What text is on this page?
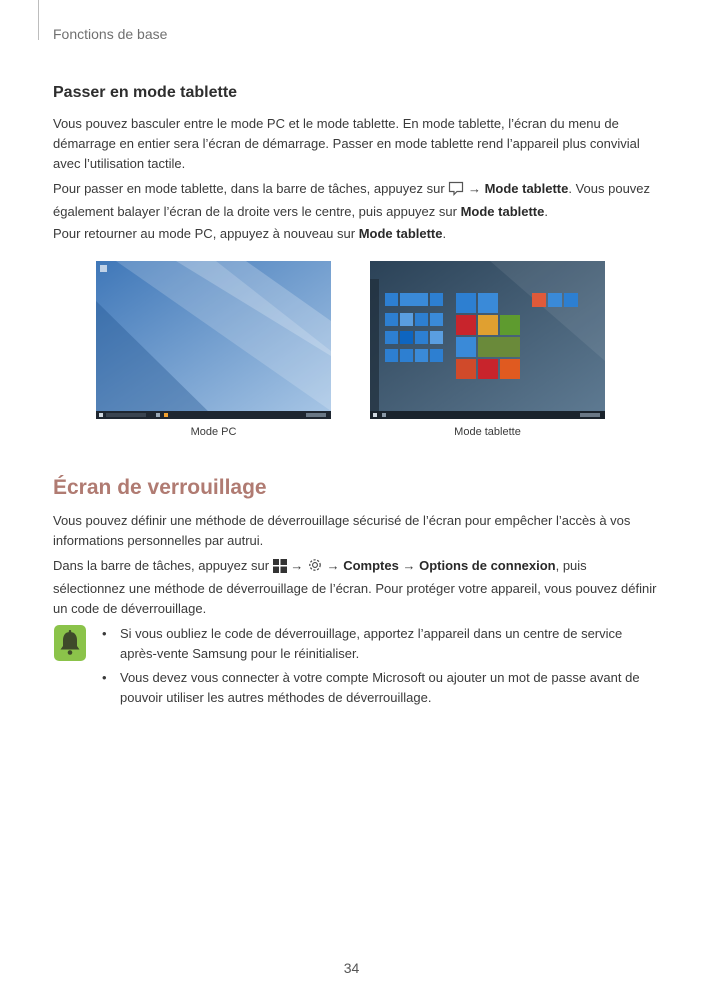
Fonctions de base
Passer en mode tablette
Vous pouvez basculer entre le mode PC et le mode tablette. En mode tablette, l’écran du menu de démarrage en entier sera l’écran de démarrage. Passer en mode tablette rend l’appareil plus convivial avec l’utilisation tactile.
Pour passer en mode tablette, dans la barre de tâches, appuyez sur → Mode tablette. Vous pouvez également balayer l’écran de la droite vers le centre, puis appuyez sur Mode tablette.
Pour retourner au mode PC, appuyez à nouveau sur Mode tablette.
Mode PC	Mode tablette
Écran de verrouillage
Vous pouvez définir une méthode de déverrouillage sécurisé de l’écran pour empêcher l’accès à vos informations personnelles par autrui.
Dans la barre de tâches, appuyez sur → → Comptes → Options de connexion, puis sélectionnez une méthode de déverrouillage de l’écran. Pour protéger votre appareil, vous pouvez définir un code de déverrouillage.
• Si vous oubliez le code de déverrouillage, apportez l’appareil dans un centre de service après-vente Samsung pour le réinitialiser.
• Vous devez vous connecter à votre compte Microsoft ou ajouter un mot de passe avant de pouvoir utiliser les autres méthodes de déverrouillage.
34
